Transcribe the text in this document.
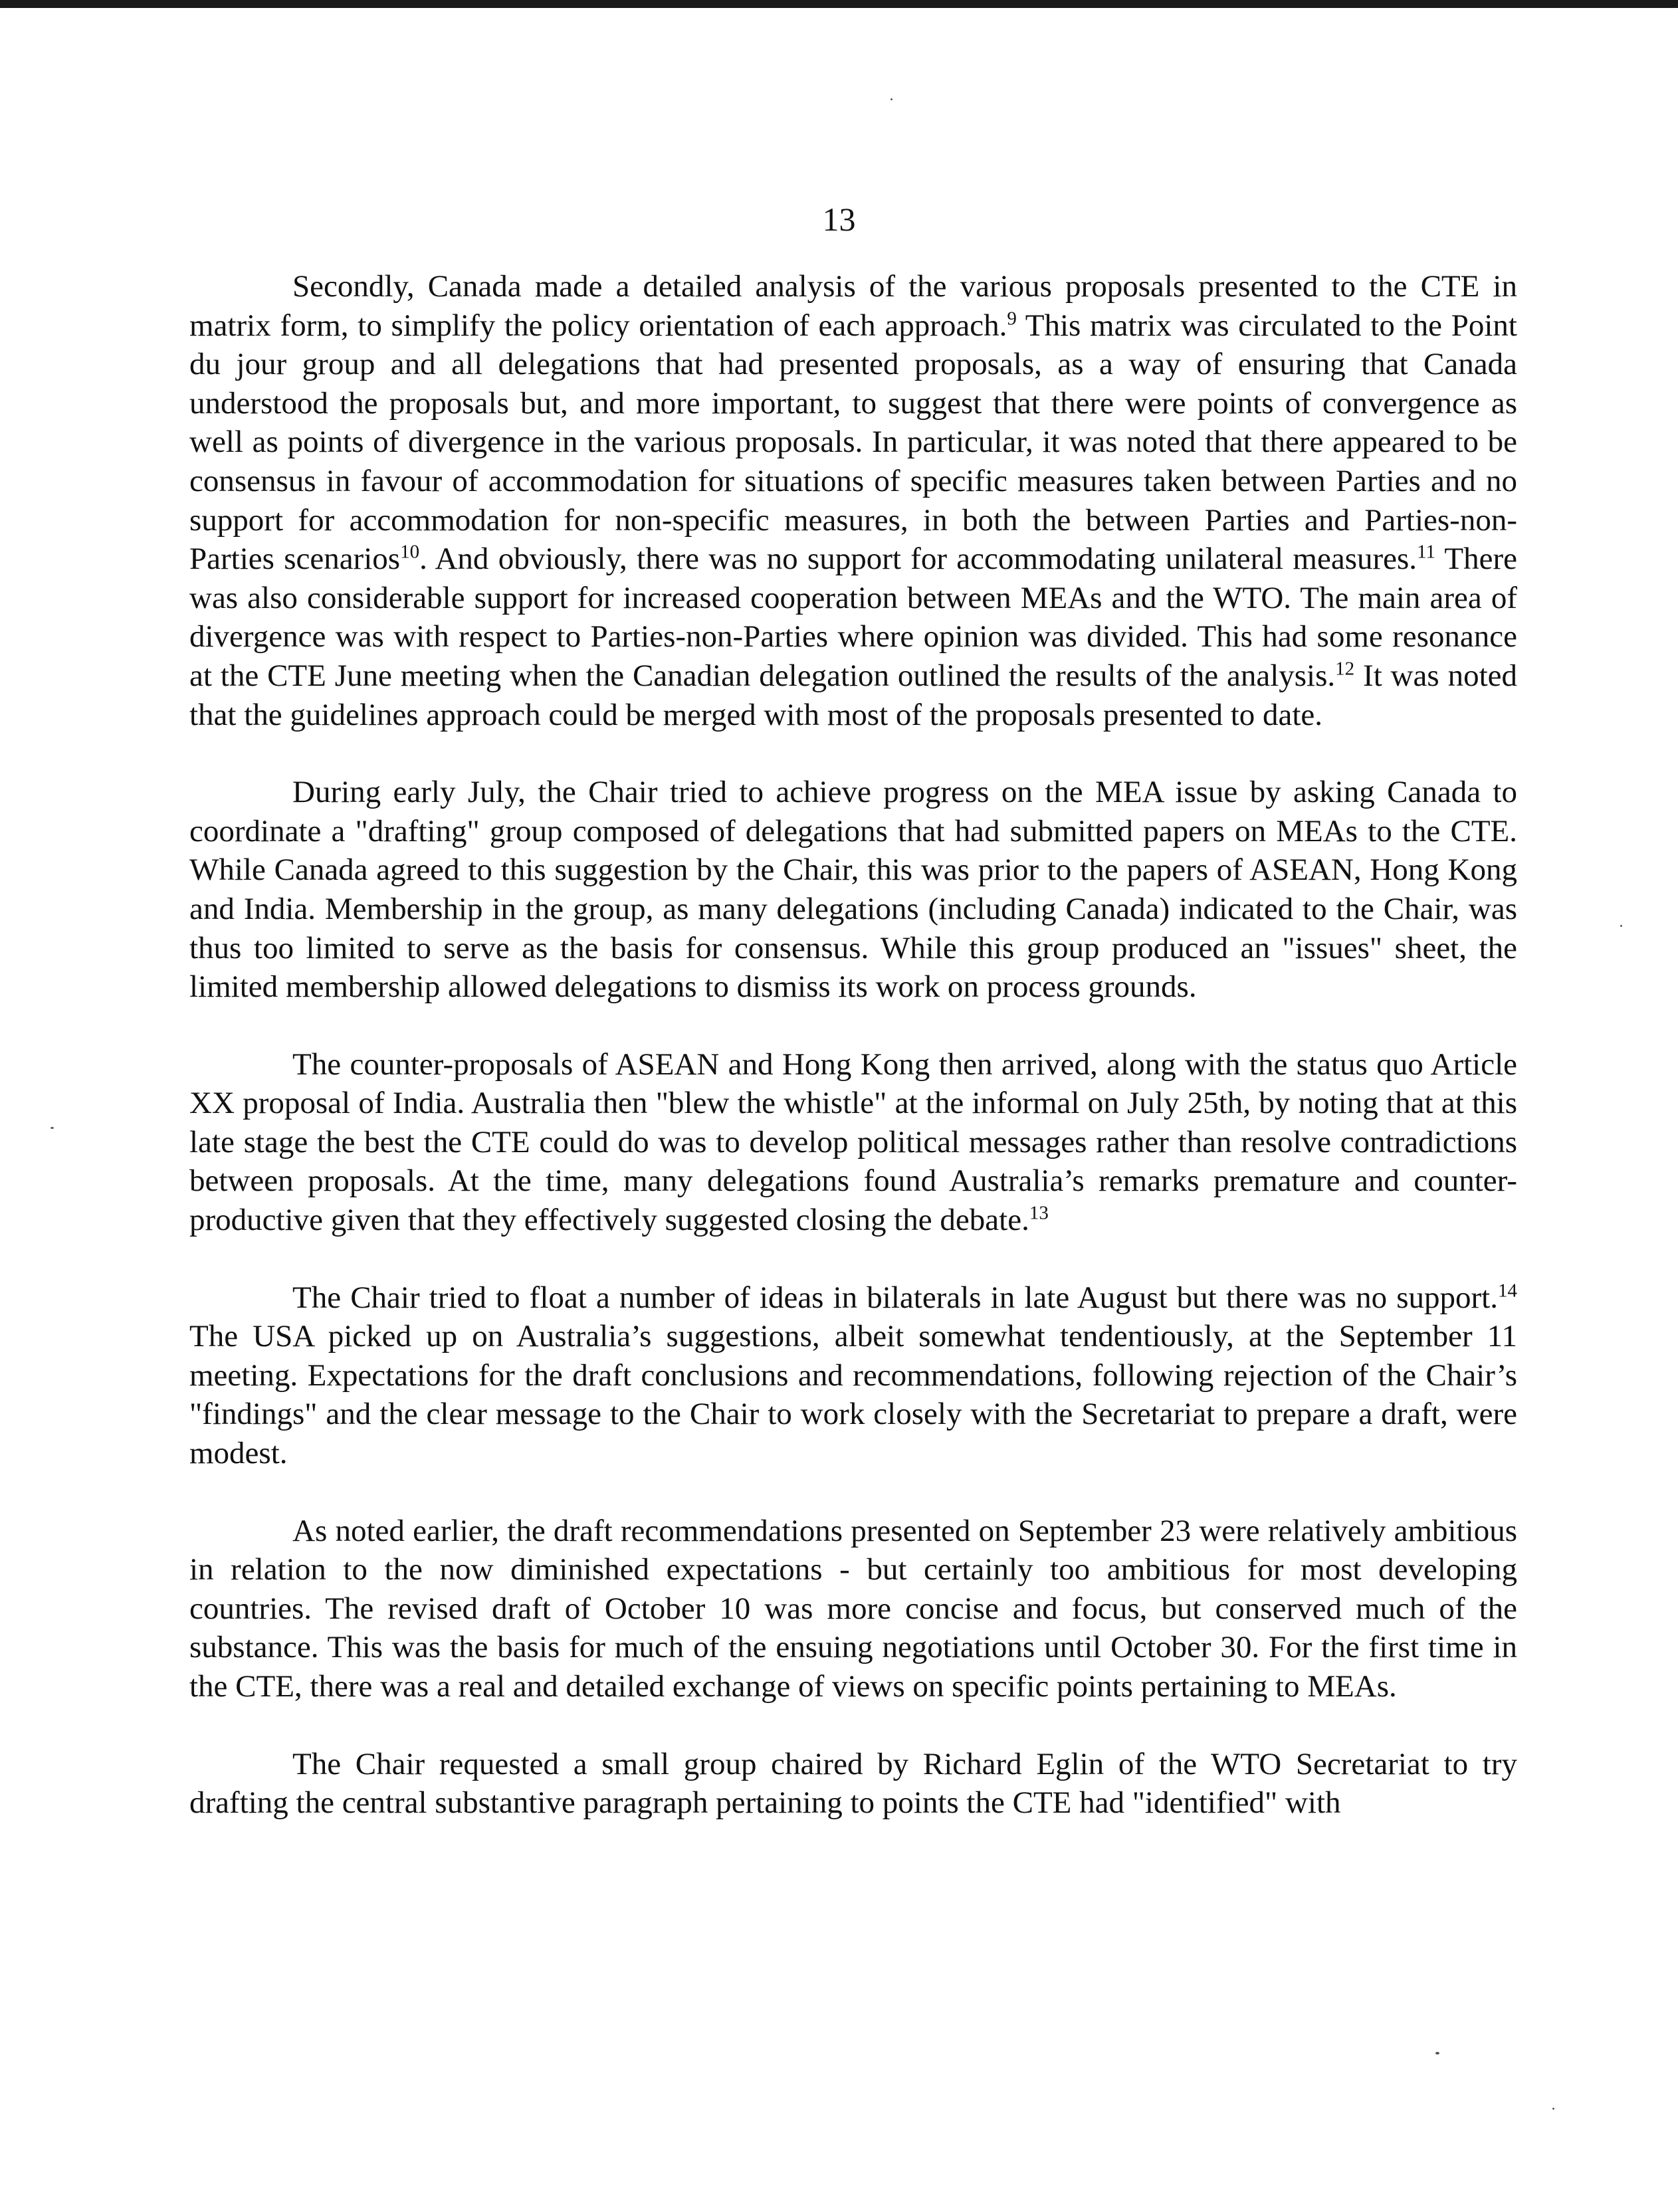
13

Secondly, Canada made a detailed analysis of the various proposals presented to the CTE in matrix form, to simplify the policy orientation of each approach.$^9$ This matrix was circulated to the Point du jour group and all delegations that had presented proposals, as a way of ensuring that Canada understood the proposals but, and more important, to suggest that there were points of convergence as well as points of divergence in the various proposals. In particular, it was noted that there appeared to be consensus in favour of accommodation for situations of specific measures taken between Parties and no support for accommodation for non-specific measures, in both the between Parties and Parties-non-Parties scenarios$^{10}$. And obviously, there was no support for accommodating unilateral measures.$^{11}$ There was also considerable support for increased cooperation between MEAs and the WTO. The main area of divergence was with respect to Parties-non-Parties where opinion was divided. This had some resonance at the CTE June meeting when the Canadian delegation outlined the results of the analysis.$^{12}$ It was noted that the guidelines approach could be merged with most of the proposals presented to date.

During early July, the Chair tried to achieve progress on the MEA issue by asking Canada to coordinate a "drafting" group composed of delegations that had submitted papers on MEAs to the CTE. While Canada agreed to this suggestion by the Chair, this was prior to the papers of ASEAN, Hong Kong and India. Membership in the group, as many delegations (including Canada) indicated to the Chair, was thus too limited to serve as the basis for consensus. While this group produced an "issues" sheet, the limited membership allowed delegations to dismiss its work on process grounds.

The counter-proposals of ASEAN and Hong Kong then arrived, along with the status quo Article XX proposal of India. Australia then "blew the whistle" at the informal on July 25th, by noting that at this late stage the best the CTE could do was to develop political messages rather than resolve contradictions between proposals. At the time, many delegations found Australia’s remarks premature and counter-productive given that they effectively suggested closing the debate.$^{13}$

The Chair tried to float a number of ideas in bilaterals in late August but there was no support.$^{14}$ The USA picked up on Australia’s suggestions, albeit somewhat tendentiously, at the September 11 meeting. Expectations for the draft conclusions and recommendations, following rejection of the Chair’s "findings" and the clear message to the Chair to work closely with the Secretariat to prepare a draft, were modest.

As noted earlier, the draft recommendations presented on September 23 were relatively ambitious in relation to the now diminished expectations - but certainly too ambitious for most developing countries. The revised draft of October 10 was more concise and focus, but conserved much of the substance. This was the basis for much of the ensuing negotiations until October 30. For the first time in the CTE, there was a real and detailed exchange of views on specific points pertaining to MEAs.

The Chair requested a small group chaired by Richard Eglin of the WTO Secretariat to try drafting the central substantive paragraph pertaining to points the CTE had "identified" with
